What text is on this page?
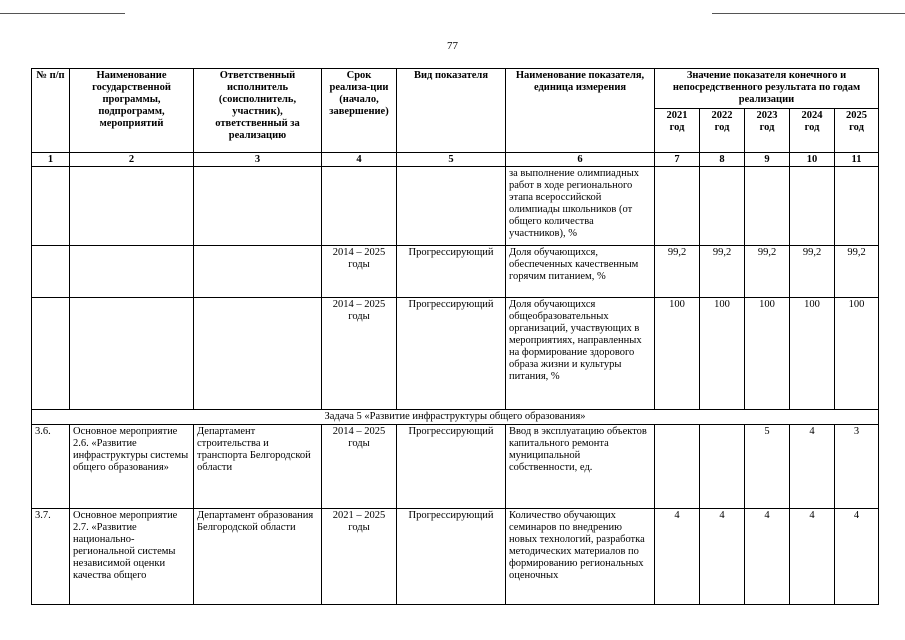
77
№ п/п	Наименование государственной программы, подпрограмм, мероприятий	Ответственный исполнитель (соисполнитель, участник), ответственный за реализацию	Срок реализа-ции (начало, завершение)	Вид показателя	Наименование показателя, единица измерения	Значение показателя конечного и непосредственного результата по годам реализации				
						2021 год	2022 год	2023 год	2024 год	2025 год
1	2	3	4	5	6	7	8	9	10	11
					за выполнение олимпиадных работ в ходе регионального этапа всероссийской олимпиады школьников (от общего количества участников), %					
			2014 – 2025 годы	Прогрессирующий	Доля обучающихся, обеспеченных качественным горячим питанием, %	99,2	99,2	99,2	99,2	99,2
			2014 – 2025 годы	Прогрессирующий	Доля обучающихся общеобразовательных организаций, участвующих в мероприятиях, направленных на формирование здорового образа жизни и культуры питания, %	100	100	100	100	100
Задача 5 «Развитие инфраструктуры общего образования»										
3.6.	Основное мероприятие 2.6. «Развитие инфраструктуры системы общего образования»	Департамент строительства и транспорта Белгородской области	2014 – 2025 годы	Прогрессирующий	Ввод в эксплуатацию объектов капитального ремонта муниципальной собственности, ед.			5	4	3
3.7.	Основное мероприятие 2.7. «Развитие национально-региональной системы независимой оценки качества общего	Департамент образования Белгородской области	2021 – 2025 годы	Прогрессирующий	Количество обучающих семинаров по внедрению новых технологий, разработка методических материалов по формированию региональных оценочных	4	4	4	4	4
